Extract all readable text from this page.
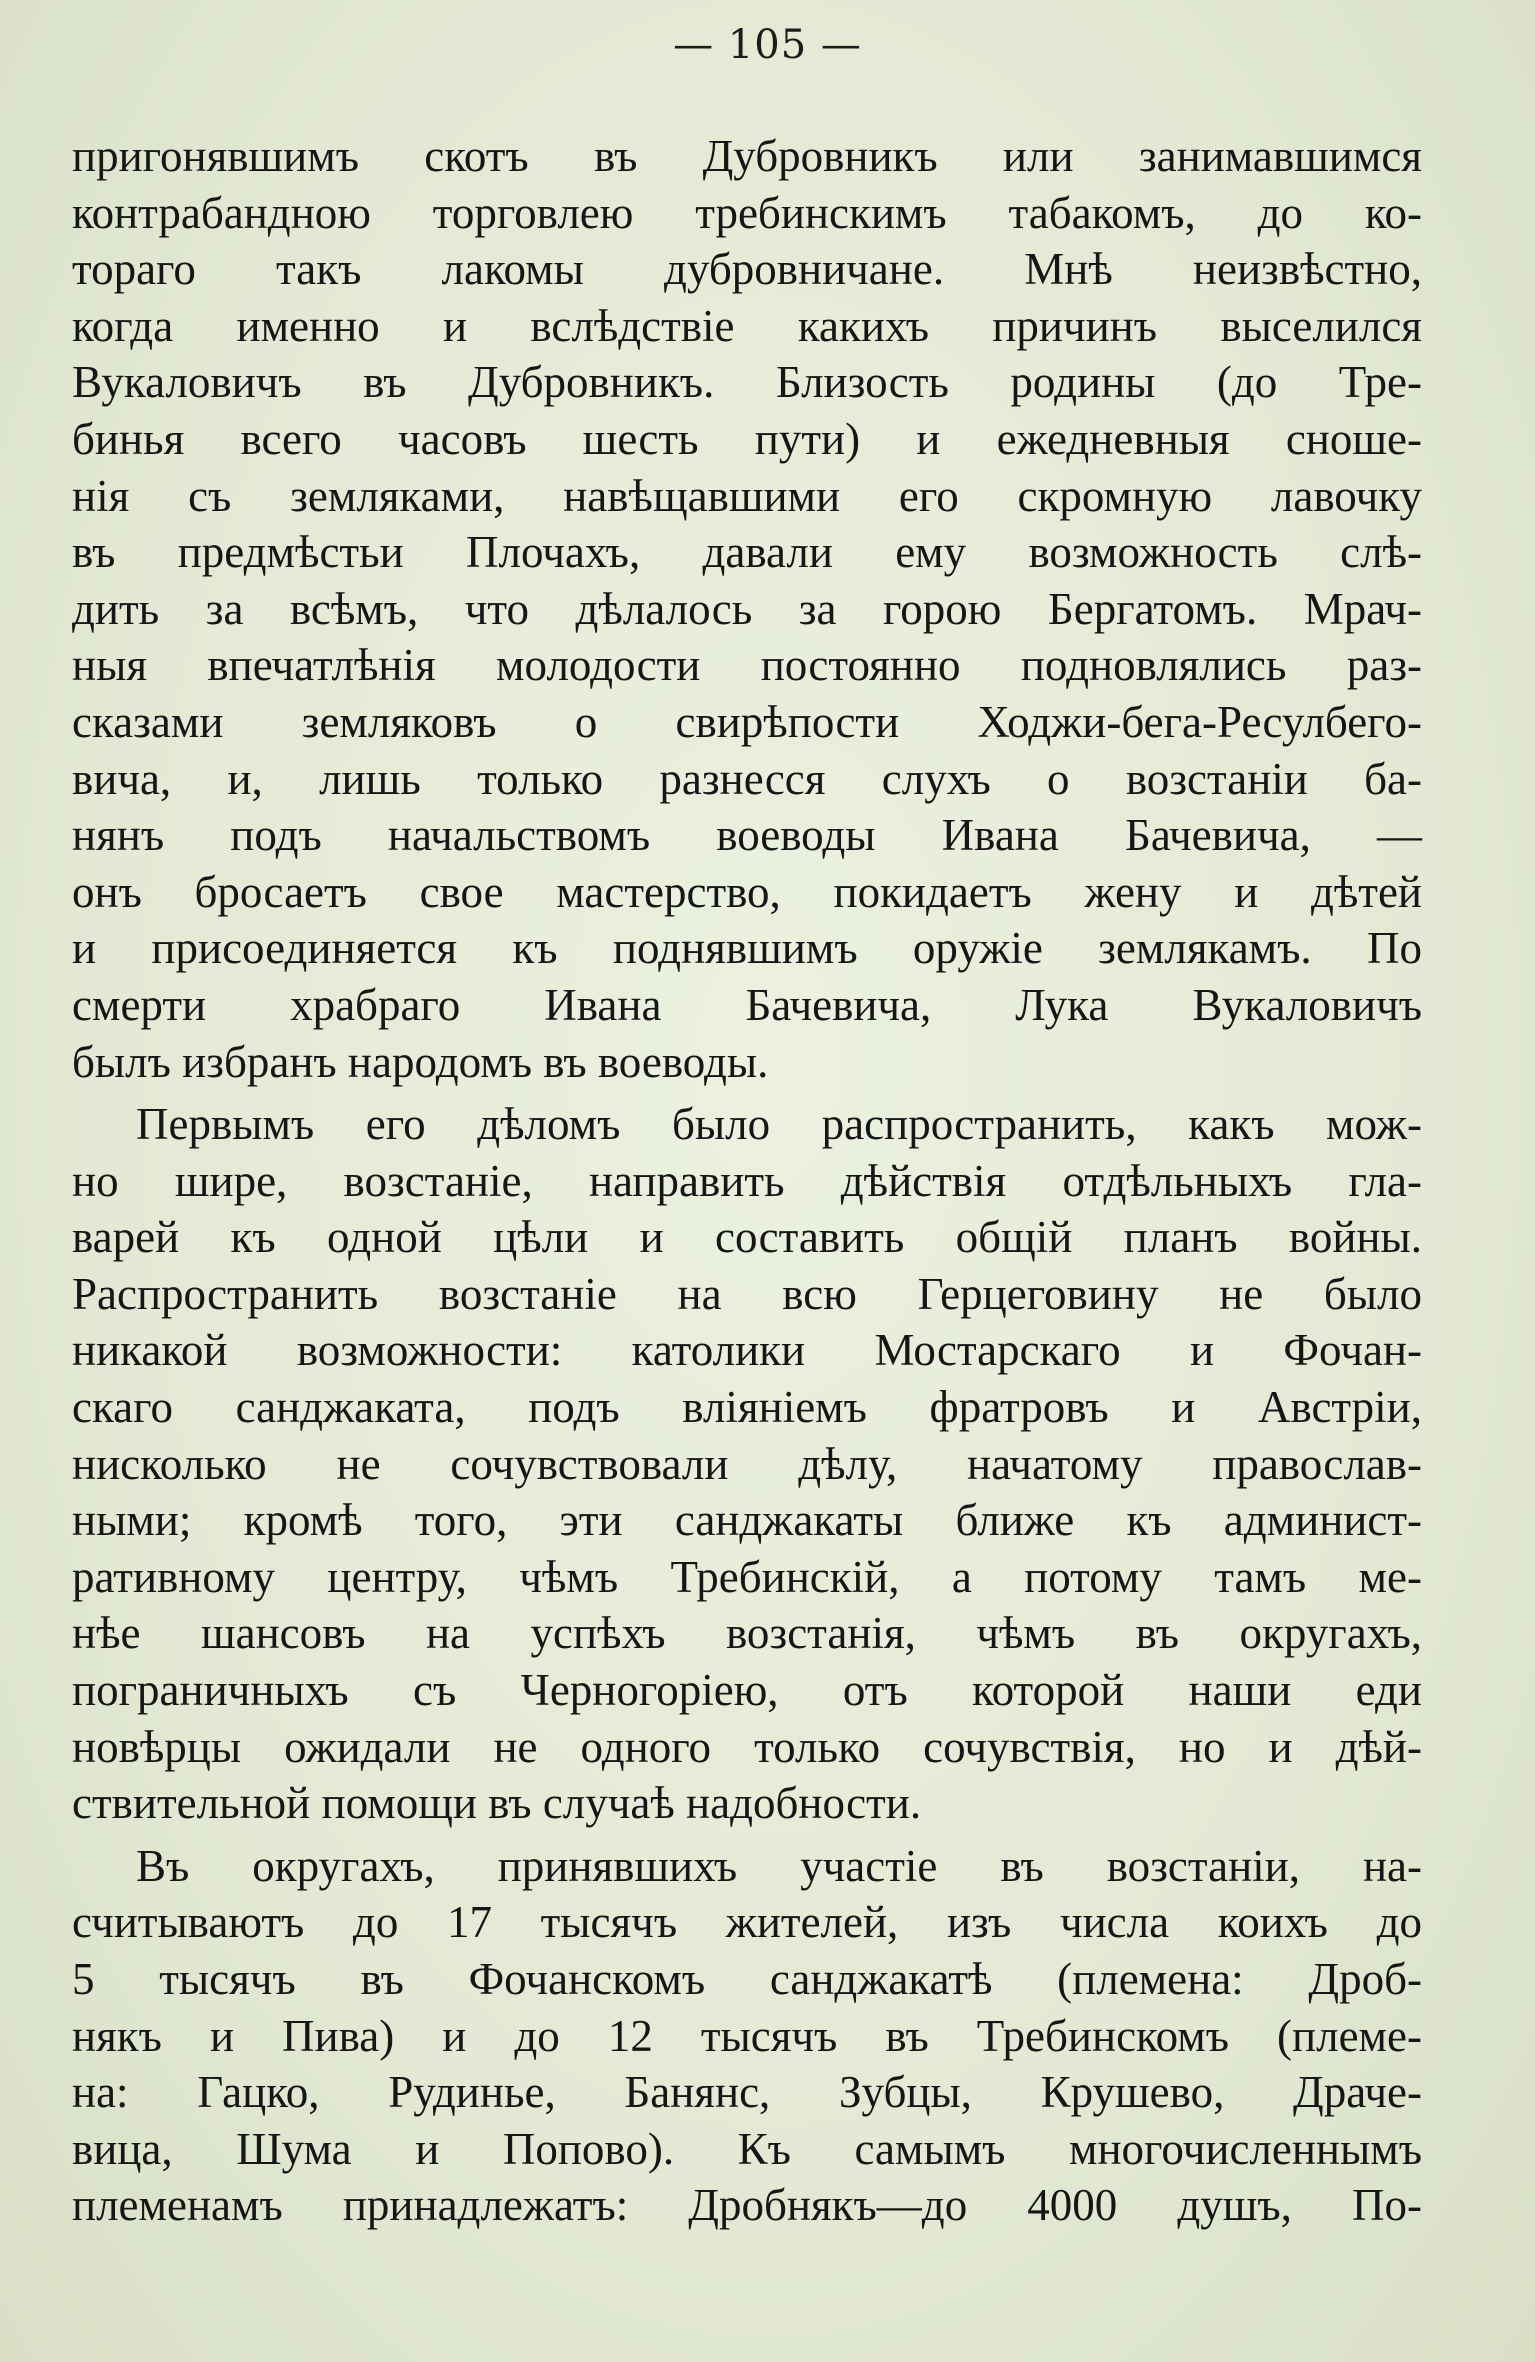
— 105 —
пригонявшимъ скотъ въ Дубровникъ или занимавшимся
контрабандною торговлею требинскимъ табакомъ, до ко-
тораго такъ лакомы дубровничане. Мнѣ неизвѣстно,
когда именно и вслѣдствіе какихъ причинъ выселился
Вукаловичъ въ Дубровникъ. Близость родины (до Тре-
бинья всего часовъ шесть пути) и ежедневныя снoше-
нія съ земляками, навѣщавшими его скромную лавочку
въ предмѣстьи Плочахъ, давали ему возможность слѣ-
дить за всѣмъ, что дѣлалось за горою Бергатомъ. Мрач-
ныя впечатлѣнія молодости постоянно подновлялись раз-
сказами земляковъ о свирѣпости Ходжи-бега-Ресулбего-
вича, и, лишь только разнесся слухъ о возстаніи ба-
нянъ подъ начальствомъ воеводы Ивана Бачевича, —
онъ бросаетъ свое мастерство, покидаетъ жену и дѣтей
и присоединяется къ поднявшимъ оружіе землякамъ. По
смерти храбраго Ивана Бачевича, Лука Вукаловичъ
былъ избранъ народомъ въ воеводы.
Первымъ его дѣломъ было распространить, какъ мож-
но шире, возстаніе, направить дѣйствія отдѣльныхъ гла-
варей къ одной цѣли и составить общій планъ войны.
Распространить возстаніе на всю Герцеговину не было
никакой возможности: католики Мостарскаго и Фочан-
скаго санджаката, подъ вліяніемъ фратровъ и Австріи,
нисколько не сочувствовали дѣлу, начатому православ-
ными; кромѣ того, эти санджакаты ближе къ админист-
ративному центру, чѣмъ Требинскій, а потому тамъ ме-
нѣе шансовъ на успѣхъ возстанія, чѣмъ въ округахъ,
пограничныхъ съ Черногоріею, отъ которой наши еди
новѣрцы ожидали не одного только сочувствія, но и дѣй-
ствительной помощи въ случаѣ надобности.
Въ округахъ, принявшихъ участіе въ возстаніи, на-
считываютъ до 17 тысячъ жителей, изъ числа коихъ до
5 тысячъ въ Фочанскомъ санджакатѣ (племена: Дроб-
някъ и Пива) и до 12 тысячъ въ Требинскомъ (племе-
на: Гацко, Рудинье, Банянс, Зубцы, Крушево, Драче-
вица, Шума и Попово). Къ самымъ многочисленнымъ
племенамъ принадлежатъ: Дробнякъ—до 4000 душъ, По-
